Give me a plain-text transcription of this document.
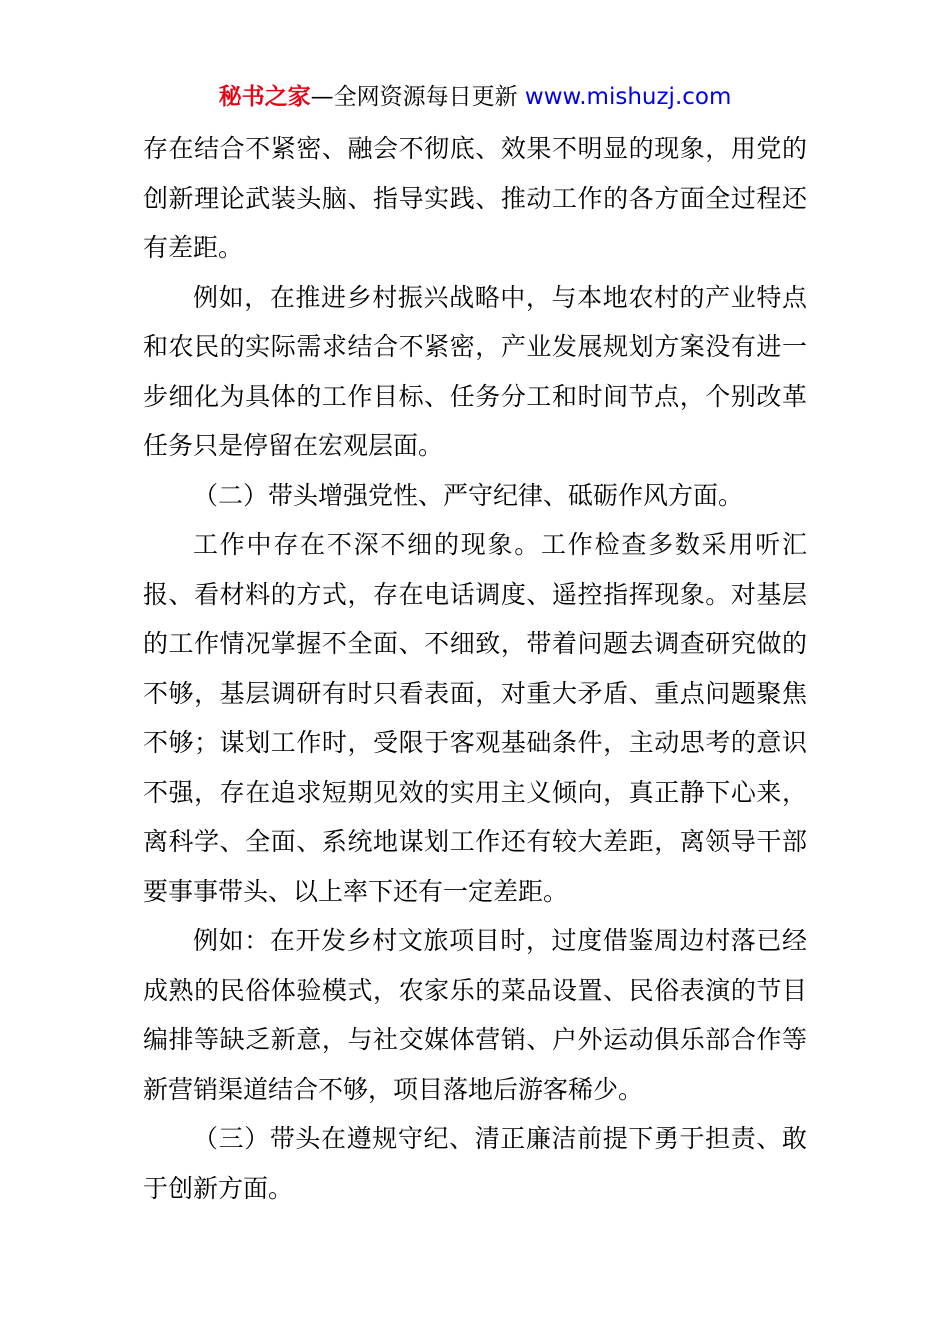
秘书之家—全网资源每日更新 www.mishuzj.com

存在结合不紧密、融会不彻底、效果不明显的现象，用党的创新理论武装头脑、指导实践、推动工作的各方面全过程还有差距。

例如，在推进乡村振兴战略中，与本地农村的产业特点和农民的实际需求结合不紧密，产业发展规划方案没有进一步细化为具体的工作目标、任务分工和时间节点，个别改革任务只是停留在宏观层面。

（二）带头增强党性、严守纪律、砥砺作风方面。

工作中存在不深不细的现象。工作检查多数采用听汇报、看材料的方式，存在电话调度、遥控指挥现象。对基层的工作情况掌握不全面、不细致，带着问题去调查研究做的不够，基层调研有时只看表面，对重大矛盾、重点问题聚焦不够；谋划工作时，受限于客观基础条件，主动思考的意识不强，存在追求短期见效的实用主义倾向，真正静下心来，离科学、全面、系统地谋划工作还有较大差距，离领导干部要事事带头、以上率下还有一定差距。

例如：在开发乡村文旅项目时，过度借鉴周边村落已经成熟的民俗体验模式，农家乐的菜品设置、民俗表演的节目编排等缺乏新意，与社交媒体营销、户外运动俱乐部合作等新营销渠道结合不够，项目落地后游客稀少。

（三）带头在遵规守纪、清正廉洁前提下勇于担责、敢于创新方面。
